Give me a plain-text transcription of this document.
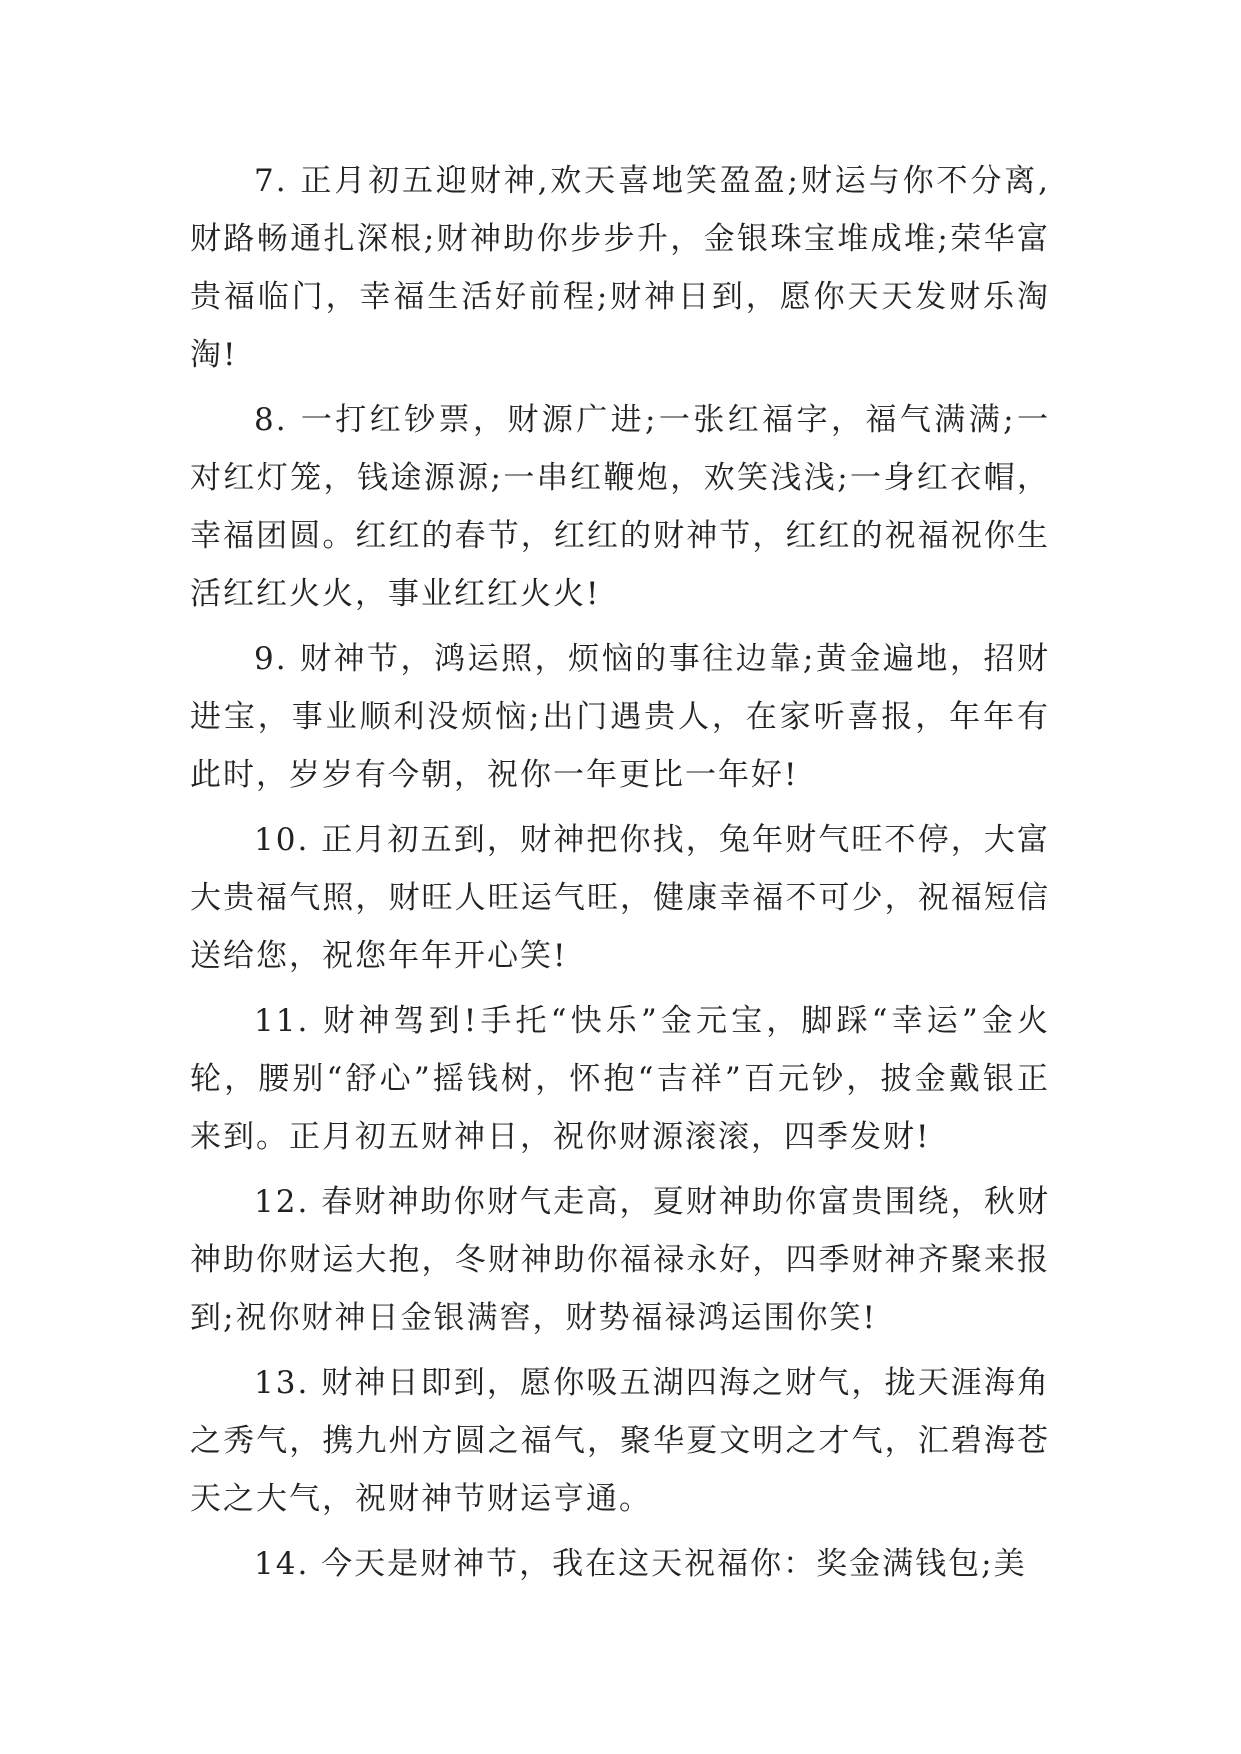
7. 正月初五迎财神,欢天喜地笑盈盈;财运与你不分离,财路畅通扎深根;财神助你步步升，金银珠宝堆成堆;荣华富贵福临门，幸福生活好前程;财神日到，愿你天天发财乐淘淘!

8. 一打红钞票，财源广进;一张红福字，福气满满;一对红灯笼，钱途源源;一串红鞭炮，欢笑浅浅;一身红衣帽，幸福团圆。红红的春节，红红的财神节，红红的祝福祝你生活红红火火，事业红红火火!

9. 财神节，鸿运照，烦恼的事往边靠;黄金遍地，招财进宝，事业顺利没烦恼;出门遇贵人，在家听喜报，年年有此时，岁岁有今朝，祝你一年更比一年好!

10. 正月初五到，财神把你找，兔年财气旺不停，大富大贵福气照，财旺人旺运气旺，健康幸福不可少，祝福短信送给您，祝您年年开心笑!

11. 财神驾到!手托“快乐”金元宝，脚踩“幸运”金火轮，腰别“舒心”摇钱树，怀抱“吉祥”百元钞，披金戴银正来到。正月初五财神日，祝你财源滚滚，四季发财!

12. 春财神助你财气走高，夏财神助你富贵围绕，秋财神助你财运大抱，冬财神助你福禄永好，四季财神齐聚来报到;祝你财神日金银满窖，财势福禄鸿运围你笑!

13. 财神日即到，愿你吸五湖四海之财气，拢天涯海角之秀气，携九州方圆之福气，聚华夏文明之才气，汇碧海苍天之大气，祝财神节财运亨通。

14. 今天是财神节，我在这天祝福你：奖金满钱包;美
